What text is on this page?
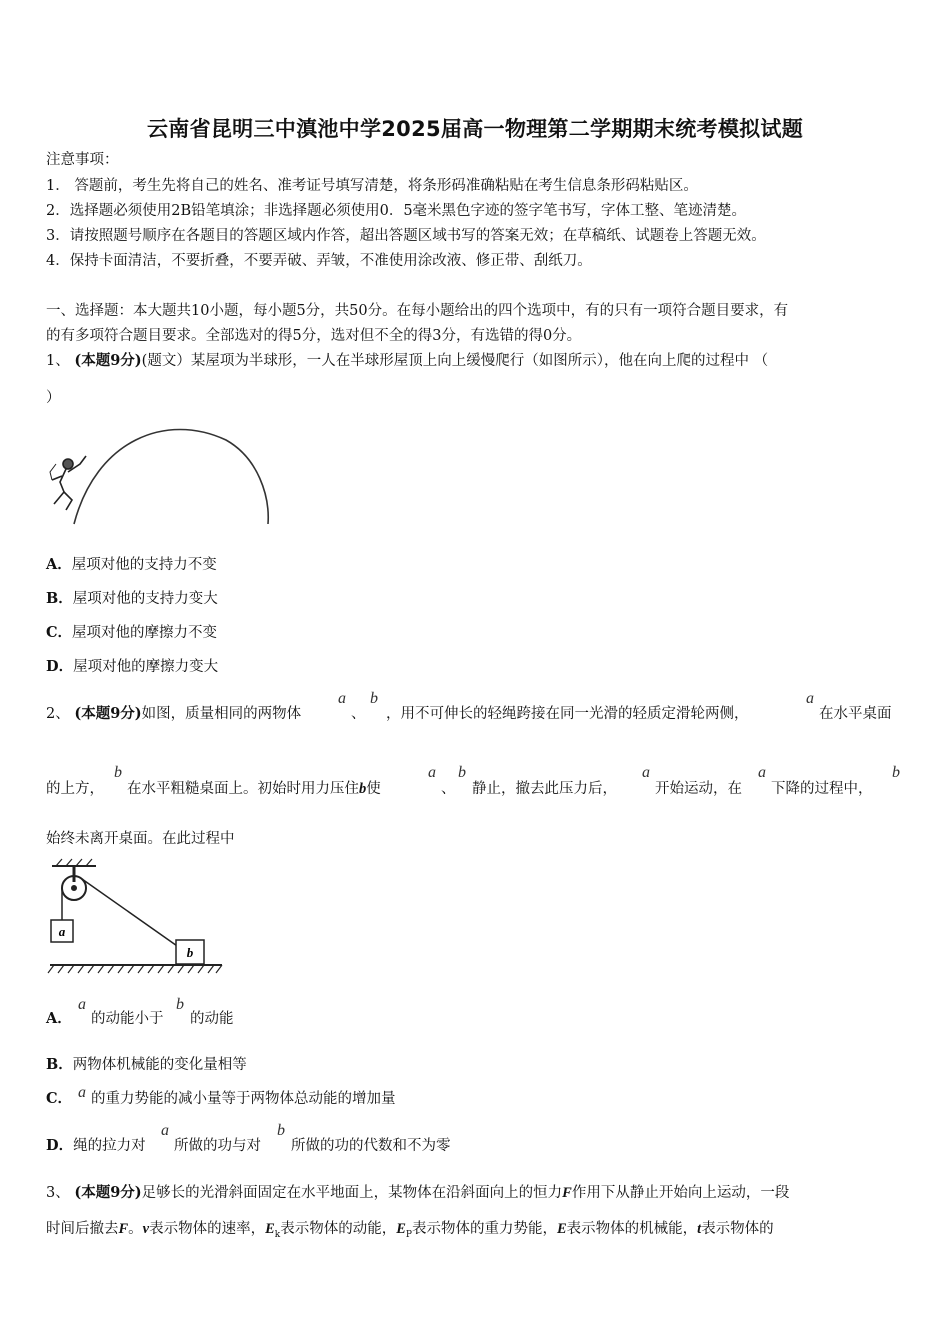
云南省昆明三中滇池中学2025届高一物理第二学期期末统考模拟试题
注意事项：
1． 答题前，考生先将自己的姓名、准考证号填写清楚，将条形码准确粘贴在考生信息条形码粘贴区。
2．选择题必须使用2B铅笔填涂；非选择题必须使用0．5毫米黑色字迹的签字笔书写，字体工整、笔迹清楚。
3．请按照题号顺序在各题目的答题区域内作答，超出答题区域书写的答案无效；在草稿纸、试题卷上答题无效。
4．保持卡面清洁，不要折叠，不要弄破、弄皱，不准使用涂改液、修正带、刮纸刀。
一、选择题：本大题共10小题，每小题5分，共50分。在每小题给出的四个选项中，有的只有一项符合题目要求，有
的有多项符合题目要求。全部选对的得5分，选对但不全的得3分，有选错的得0分。
1、 (本题9分)(题文）某屋项为半球形，一人在半球形屋顶上向上缓慢爬行（如图所示），他在向上爬的过程中 （
）
A．屋项对他的支持力不变
B．屋项对他的支持力变大
C．屋项对他的摩擦力不变
D．屋项对他的摩擦力变大
2、 (本题9分)如图，质量相同的两物体
a
、
b
，用不可伸长的轻绳跨接在同一光滑的轻质定滑轮两侧，
a
在水平桌面
的上方，
b
在水平粗糙桌面上。初始时用力压住b使
a
、
b
静止，撤去此压力后，
a
开始运动，在
a
下降的过程中，
b
始终未离开桌面。在此过程中
a
b
A．
a
的动能小于
b
的动能
B．两物体机械能的变化量相等
C． a 的重力势能的减小量等于两物体总动能的增加量
D．绳的拉力对
a
所做的功与对
b
所做的功的代数和不为零
3、 (本题9分)足够长的光滑斜面固定在水平地面上，某物体在沿斜面向上的恒力F作用下从静止开始向上运动，一段
时间后撤去F。v表示物体的速率，$E_k$表示物体的动能，$E_P$表示物体的重力势能，E表示物体的机械能，t表示物体的
